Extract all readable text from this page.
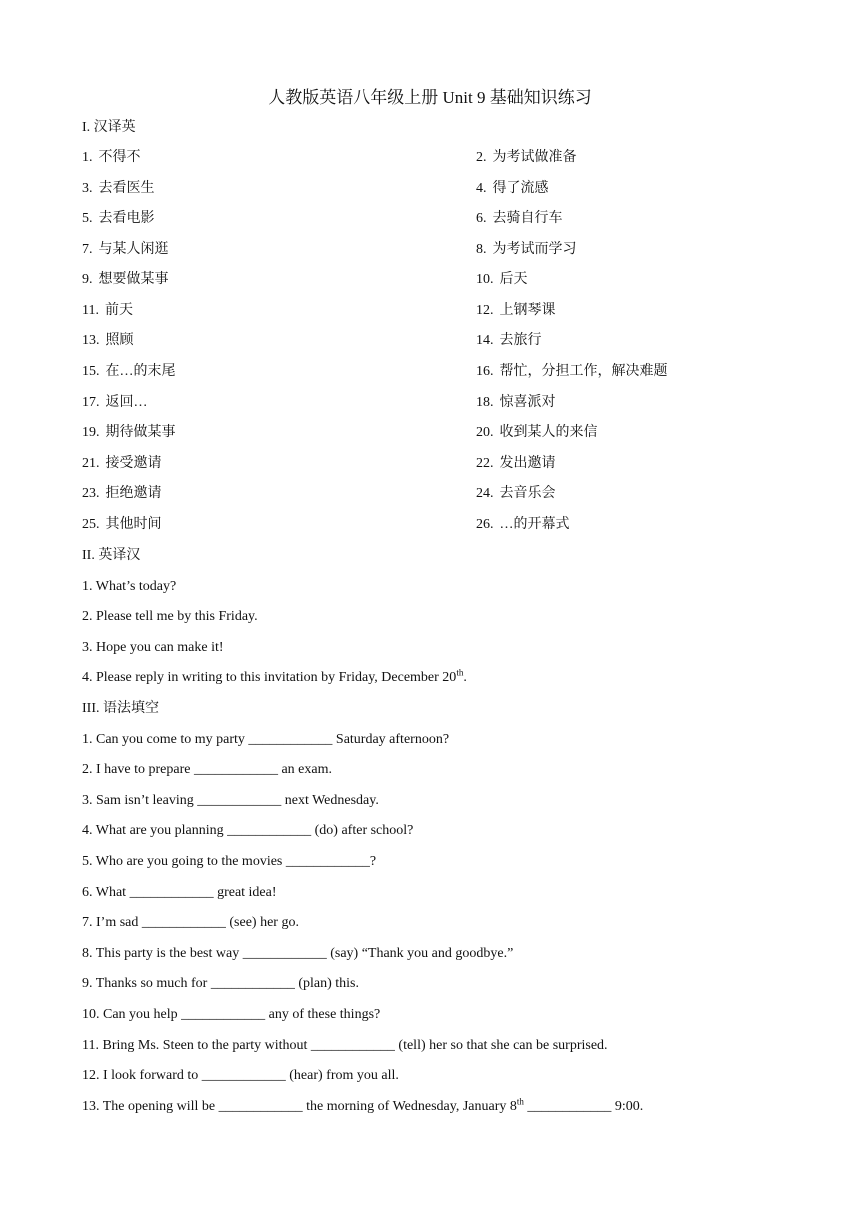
人教版英语八年级上册 Unit 9 基础知识练习
I. 汉译英
1. 不得不	2. 为考试做准备
3. 去看医生	4. 得了流感
5. 去看电影	6. 去骑自行车
7. 与某人闲逛	8. 为考试而学习
9. 想要做某事	10. 后天
11. 前天	12. 上钢琴课
13. 照顾	14. 去旅行
15. 在…的末尾	16. 帮忙，分担工作，解决难题
17. 返回…	18. 惊喜派对
19. 期待做某事	20. 收到某人的来信
21. 接受邀请	22. 发出邀请
23. 拒绝邀请	24. 去音乐会
25. 其他时间	26. …的开幕式
II. 英译汉
1. What’s today?
2. Please tell me by this Friday.
3. Hope you can make it!
4. Please reply in writing to this invitation by Friday, December 20th.
III. 语法填空
1. Can you come to my party ____________ Saturday afternoon?
2. I have to prepare ____________ an exam.
3. Sam isn’t leaving ____________ next Wednesday.
4. What are you planning ____________ (do) after school?
5. Who are you going to the movies ____________?
6. What ____________ great idea!
7. I’m sad ____________ (see) her go.
8. This party is the best way ____________ (say) “Thank you and goodbye.”
9. Thanks so much for ____________ (plan) this.
10. Can you help ____________ any of these things?
11. Bring Ms. Steen to the party without ____________ (tell) her so that she can be surprised.
12. I look forward to ____________ (hear) from you all.
13. The opening will be ____________ the morning of Wednesday, January 8th ____________ 9:00.
